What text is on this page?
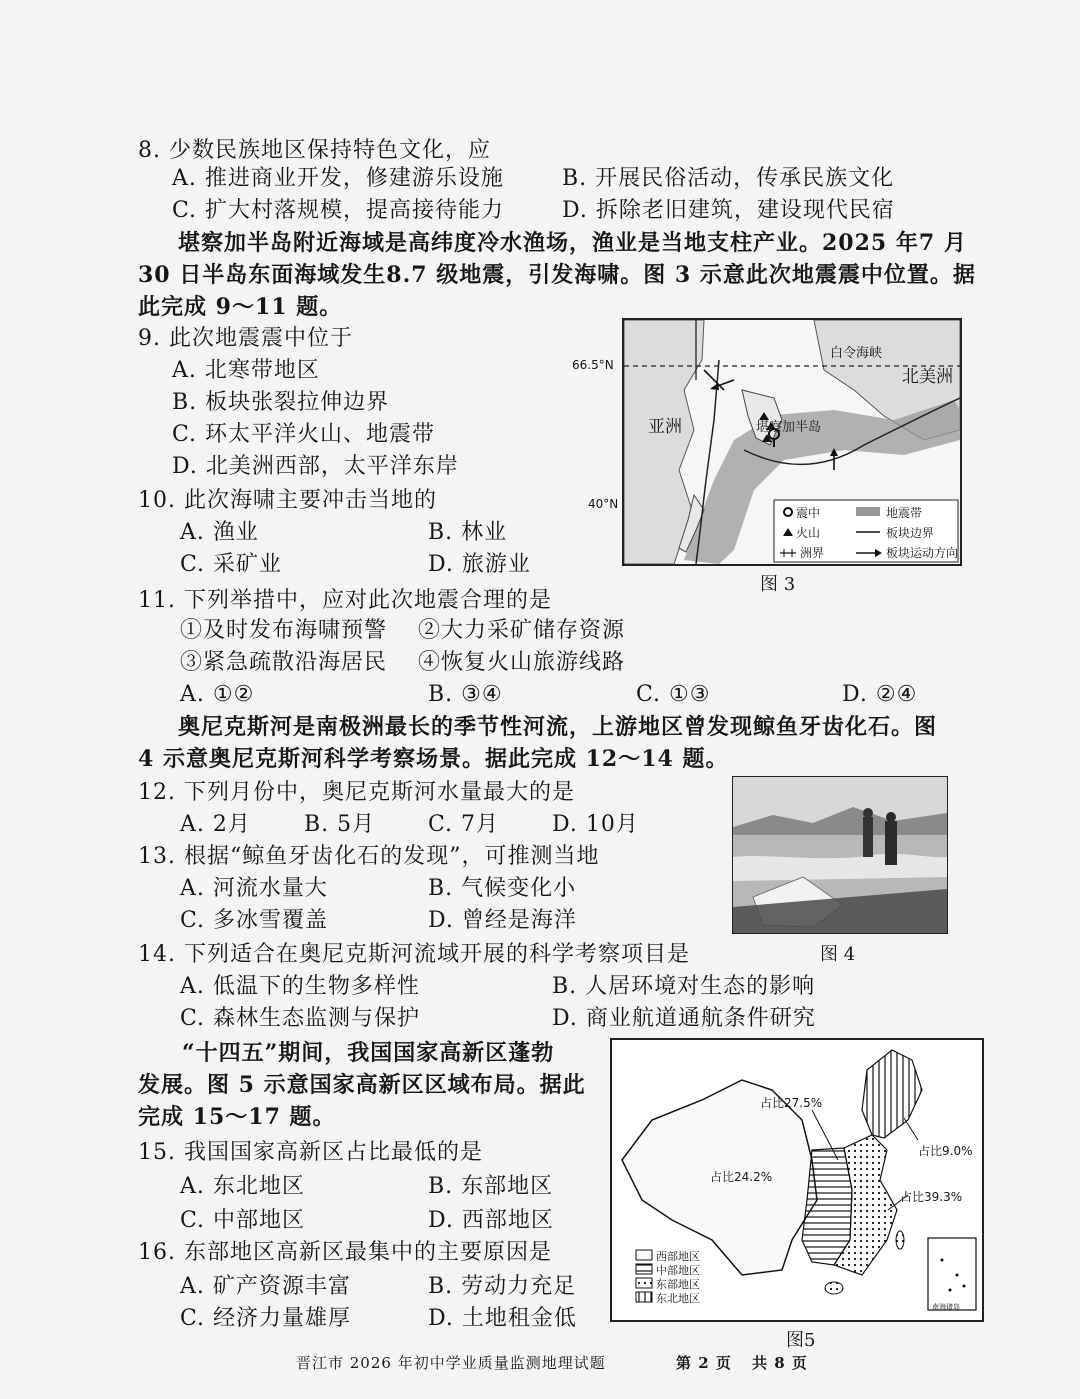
8. 少数民族地区保持特色文化，应
A. 推进商业开发，修建游乐设施	B. 开展民俗活动，传承民族文化
C. 扩大村落规模，提高接待能力	D. 拆除老旧建筑，建设现代民宿
堪察加半岛附近海域是高纬度冷水渔场，渔业是当地支柱产业。2025 年7 月
30 日半岛东面海域发生8.7 级地震，引发海啸。图 3 示意此次地震震中位置。据
此完成 9～11 题。
9. 此次地震震中位于
A. 北寒带地区
B. 板块张裂拉伸边界
C. 环太平洋火山、地震带
D. 北美洲西部，太平洋东岸
10. 此次海啸主要冲击当地的
A. 渔业	B. 林业
C. 采矿业	D. 旅游业
白令海峡
亚洲
北美洲
堪察加半岛
震中	地震带
火山	板块边界
洲界	板块运动方向
66.5°N
40°N
图 3
11. 下列举措中，应对此次地震合理的是
①及时发布海啸预警 ②大力采矿储存资源
③紧急疏散沿海居民 ④恢复火山旅游线路
A. ①②	B. ③④	C. ①③	D. ②④
奥尼克斯河是南极洲最长的季节性河流，上游地区曾发现鲸鱼牙齿化石。图
4 示意奥尼克斯河科学考察场景。据此完成 12～14 题。
12. 下列月份中，奥尼克斯河水量最大的是
A. 2月 B. 5月 C. 7月 D. 10月
13. 根据“鲸鱼牙齿化石的发现”，可推测当地
A. 河流水量大	B. 气候变化小
C. 多冰雪覆盖	D. 曾经是海洋
图 4
14. 下列适合在奥尼克斯河流域开展的科学考察项目是
A. 低温下的生物多样性	B. 人居环境对生态的影响
C. 森林生态监测与保护	D. 商业航道通航条件研究
“十四五”期间，我国国家高新区蓬勃
发展。图 5 示意国家高新区区域布局。据此
完成 15～17 题。
15. 我国国家高新区占比最低的是
A. 东北地区	B. 东部地区
C. 中部地区	D. 西部地区
16. 东部地区高新区最集中的主要原因是
A. 矿产资源丰富	B. 劳动力充足
C. 经济力量雄厚	D. 土地租金低
占比27.5%
占比9.0%
占比24.2%
占比39.3%
西部地区
中部地区
东部地区
东北地区
南海诸岛
图5
晋江市 2026 年初中学业质量监测地理试题	第 2 页 共 8 页
